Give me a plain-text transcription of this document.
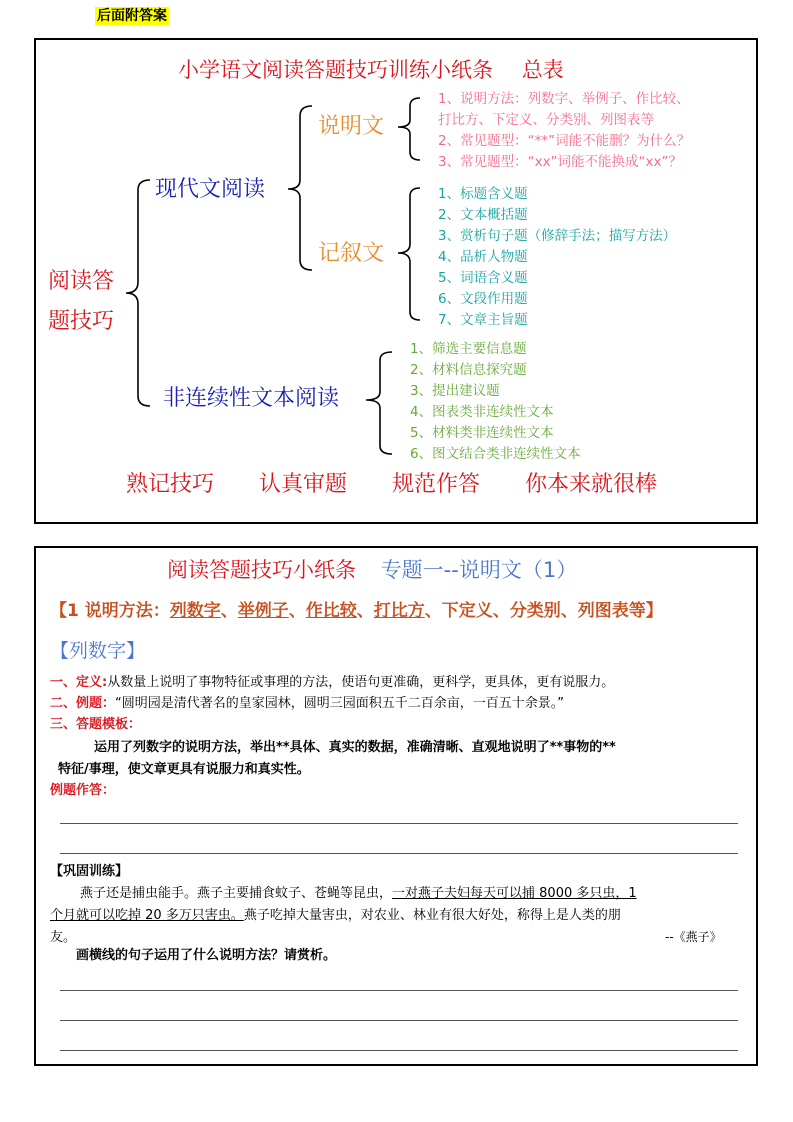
后面附答案
小学语文阅读答题技巧训练小纸条 总表
阅读答
题技巧
现代文阅读
说明文
1、说明方法：列数字、举例子、作比较、
打比方、下定义、分类别、列图表等
2、常见题型：“**”词能不能删？为什么？
3、常见题型：“xx”词能不能换成“xx”？
记叙文
1、标题含义题
2、文本概括题
3、赏析句子题（修辞手法；描写方法）
4、品析人物题
5、词语含义题
6、文段作用题
7、文章主旨题
非连续性文本阅读
1、筛选主要信息题
2、材料信息探究题
3、提出建议题
4、图表类非连续性文本
5、材料类非连续性文本
6、图文结合类非连续性文本
熟记技巧 认真审题 规范作答 你本来就很棒
阅读答题技巧小纸条 专题一--说明文（1）
【1 说明方法：列数字、举例子、作比较、打比方、下定义、分类别、列图表等】
【列数字】
一、定义:从数量上说明了事物特征或事理的方法，使语句更准确，更科学，更具体，更有说服力。
二、例题：“圆明园是清代著名的皇家园林，圆明三园面积五千二百余亩，一百五十余景。”
三、答题模板：
运用了列数字的说明方法，举出**具体、真实的数据，准确清晰、直观地说明了**事物的**
特征/事理，使文章更具有说服力和真实性。
例题作答：
【巩固训练】
燕子还是捕虫能手。燕子主要捕食蚊子、苍蝇等昆虫，一对燕子夫妇每天可以捕 8000 多只虫，1
个月就可以吃掉 20 多万只害虫。燕子吃掉大量害虫，对农业、林业有很大好处，称得上是人类的朋
友。	--《燕子》
画横线的句子运用了什么说明方法？请赏析。
